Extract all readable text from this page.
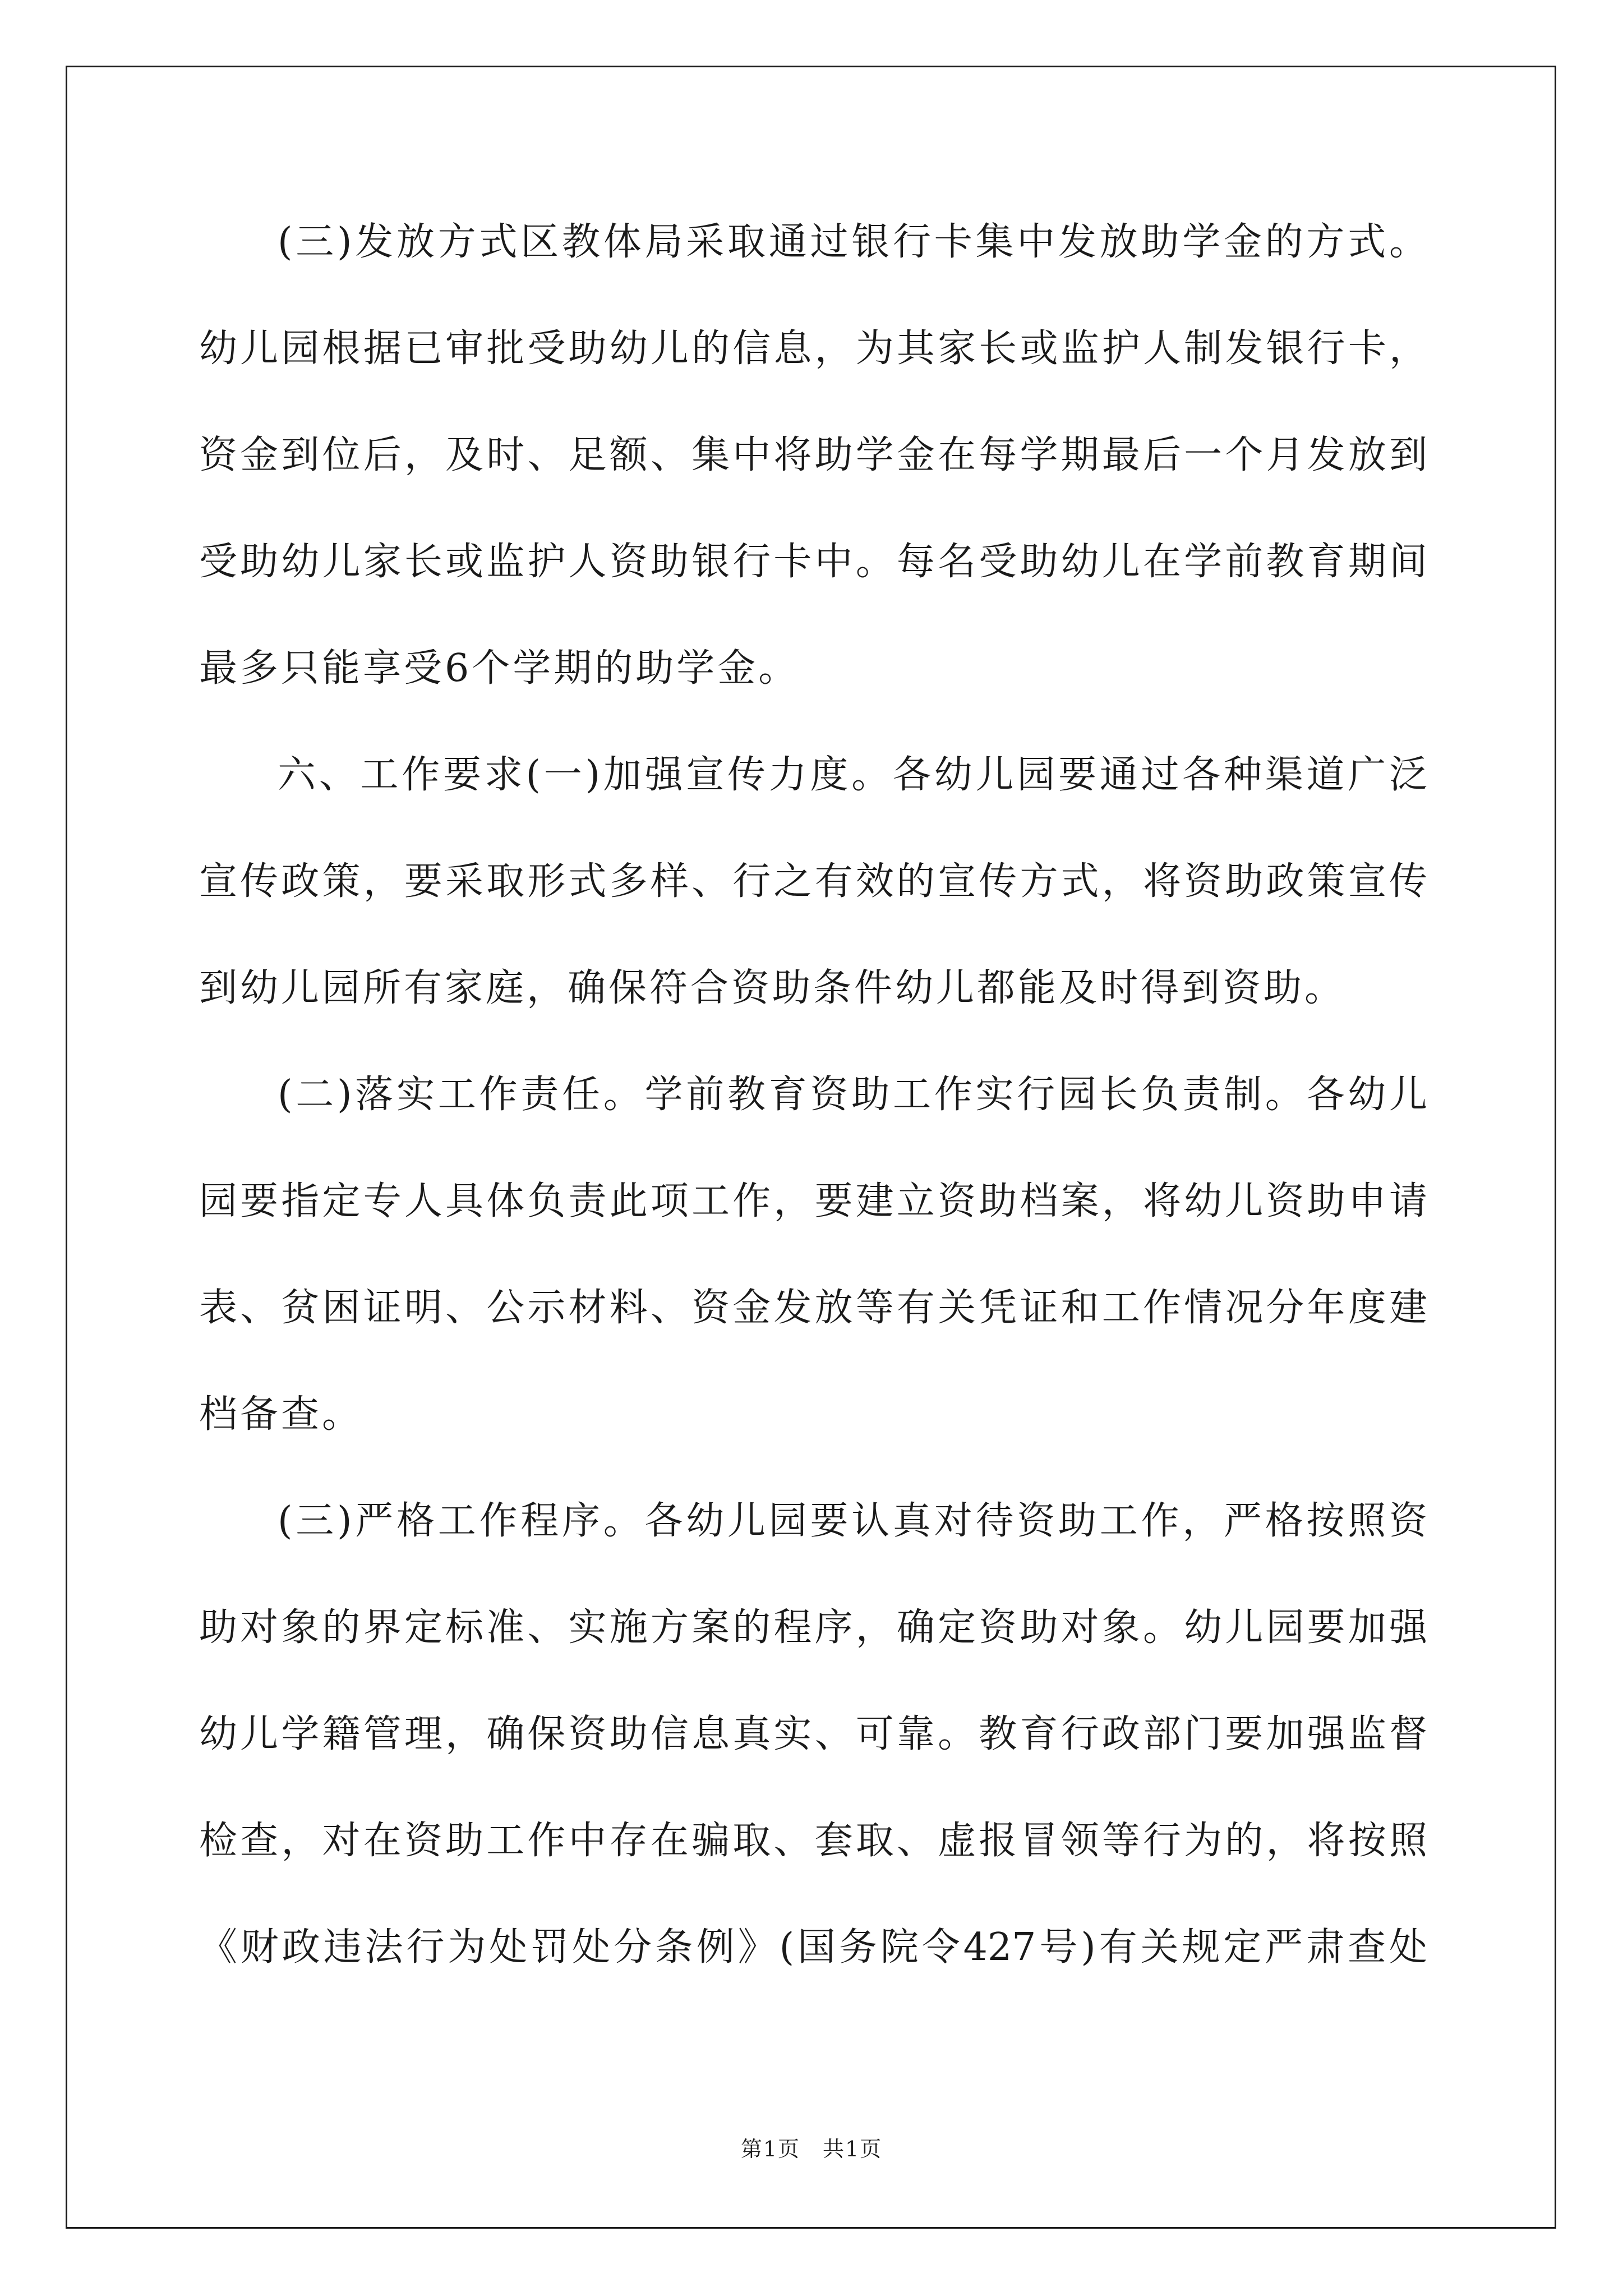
(三)发放方式区教体局采取通过银行卡集中发放助学金的方式。
幼儿园根据已审批受助幼儿的信息，为其家长或监护人制发银行卡，
资金到位后，及时、足额、集中将助学金在每学期最后一个月发放到
受助幼儿家长或监护人资助银行卡中。每名受助幼儿在学前教育期间
最多只能享受6个学期的助学金。
六、工作要求(一)加强宣传力度。各幼儿园要通过各种渠道广泛
宣传政策，要采取形式多样、行之有效的宣传方式，将资助政策宣传
到幼儿园所有家庭，确保符合资助条件幼儿都能及时得到资助。
(二)落实工作责任。学前教育资助工作实行园长负责制。各幼儿
园要指定专人具体负责此项工作，要建立资助档案，将幼儿资助申请
表、贫困证明、公示材料、资金发放等有关凭证和工作情况分年度建
档备查。
(三)严格工作程序。各幼儿园要认真对待资助工作，严格按照资
助对象的界定标准、实施方案的程序，确定资助对象。幼儿园要加强
幼儿学籍管理，确保资助信息真实、可靠。教育行政部门要加强监督
检查，对在资助工作中存在骗取、套取、虚报冒领等行为的，将按照
《财政违法行为处罚处分条例》(国务院令427号)有关规定严肃查处
第1页　共1页
